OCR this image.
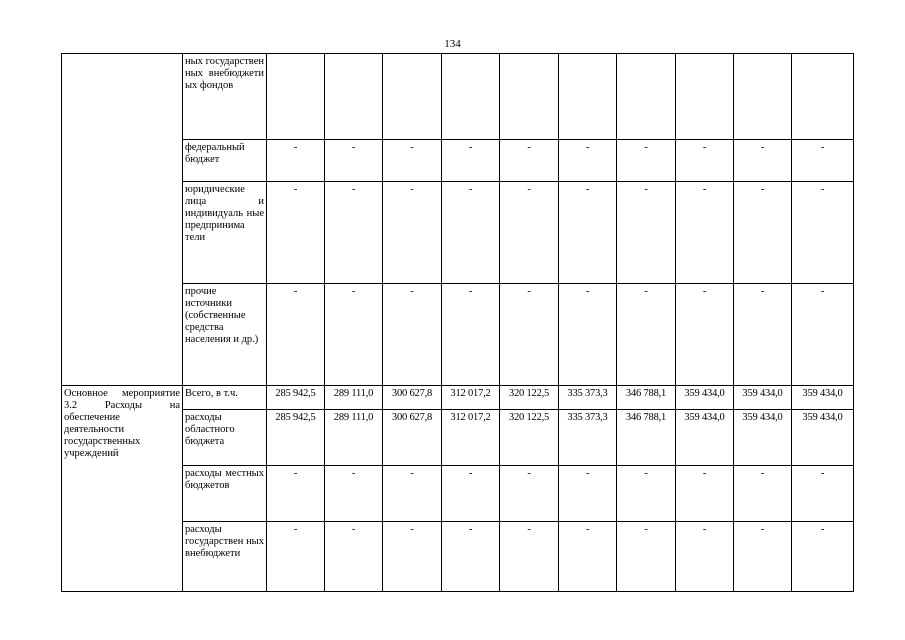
134

	ных государствен ных внебюджети ых фондов										

	федеральный бюджет	-	-	-	-	-	-	-	-	-	-

	юридические лица и индивидуаль ные предпринима тели	-	-	-	-	-	-	-	-	-	-

	прочие источники (собственные средства населения и др.)	-	-	-	-	-	-	-	-	-	-

Основное мероприятие 3.2 Расходы на обеспечение деятельности государственных учреждений	Всего, в т.ч.	285 942,5	289 111,0	300 627,8	312 017,2	320 122,5	335 373,3	346 788,1	359 434,0	359 434,0	359 434,0

	расходы областного бюджета	285 942,5	289 111,0	300 627,8	312 017,2	320 122,5	335 373,3	346 788,1	359 434,0	359 434,0	359 434,0

	расходы местных бюджетов	-	-	-	-	-	-	-	-	-	-

	расходы государствен ных внебюджети	-	-	-	-	-	-	-	-	-	-
